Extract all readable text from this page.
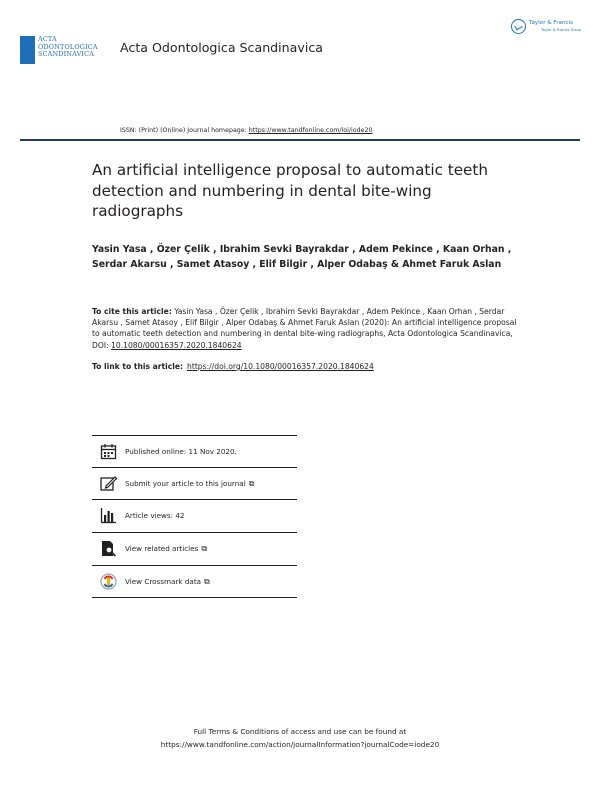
ACTA
ODONTOLOGICA
SCANDINAVICA Acta Odontologica Scandinavica
Taylor & Francis
Taylor & Francis Group
ISSN: (Print) (Online) Journal homepage: https://www.tandfonline.com/loi/iode20
An artificial intelligence proposal to automatic teeth detection and numbering in dental bite-wing radiographs
Yasin Yasa , Özer Çelik , Ibrahim Sevki Bayrakdar , Adem Pekince , Kaan Orhan , Serdar Akarsu , Samet Atasoy , Elif Bilgir , Alper Odabaş & Ahmet Faruk Aslan
To cite this article: Yasin Yasa , Özer Çelik , Ibrahim Sevki Bayrakdar , Adem Pekince , Kaan Orhan , Serdar Akarsu , Samet Atasoy , Elif Bilgir , Alper Odabaş & Ahmet Faruk Aslan (2020): An artificial intelligence proposal to automatic teeth detection and numbering in dental bite-wing radiographs, Acta Odontologica Scandinavica, DOI: 10.1080/00016357.2020.1840624
To link to this article: https://doi.org/10.1080/00016357.2020.1840624
Published online: 11 Nov 2020.
Submit your article to this journal ⧉
Article views: 42
View related articles ⧉
View Crossmark data ⧉
Full Terms & Conditions of access and use can be found at
https://www.tandfonline.com/action/journalInformation?journalCode=iode20
